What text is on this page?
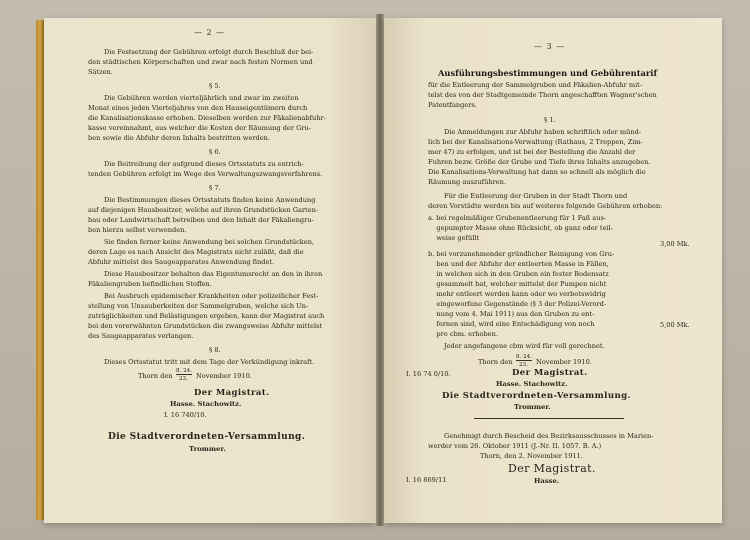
— 2 —
Die Festsetzung der Gebühren erfolgt durch Beschluß der bei-
den städtischen Körperschaften und zwar nach festen Normen und
Sätzen.
§ 5.
Die Gebühren werden vierteljährlich und zwar im zweiten
Monat eines jeden Vierteljahres von den Hauseigentümern durch
die Kanalisationskasse erhoben. Dieselben werden zur Fäkalienabfuhr-
kasse vereinnahmt, aus welcher die Kosten der Räumung der Gru-
ben sowie die Abfuhr deren Inhalts bestritten werden.
§ 6.
Die Beitreibung der aufgrund dieses Ortsstatuts zu entrich-
tenden Gebühren erfolgt im Wege des Verwaltungszwangsverfahrens.
§ 7.
Die Bestimmungen dieses Ortsstatuts finden keine Anwendung
auf diejenigen Hausbesitzer, welche auf ihren Grundstücken Garten-
bau oder Landwirtschaft betreiben und den Inhalt der Fäkaliengru-
ben hierzu selbst verwenden.
Sie finden ferner keine Anwendung bei solchen Grundstücken,
deren Lage es nach Ansicht des Magistrats nicht zuläßt, daß die
Abfuhr mittelst des Saugeapparates Anwendung findet.
Diese Hausbesitzer behalten das Eigentumsrecht an den in ihren
Fäkaliengruben befindlichen Stoffen.
Bei Ausbruch epidemischer Krankheiten oder polizeilicher Fest-
stellung von Unsauberkeiten der Sammelgruben, welche sich Un-
zuträglichkeiten und Belästigungen ergeben, kann der Magistrat auch
bei den vorerwähnten Grundstücken die zwangsweise Abfuhr mittelst
des Saugeapparates verlangen.
§ 8.
Dieses Ortsstatut tritt mit dem Tage der Verkündigung inkraft.
Thorn den
8. 24.
23. November 1910.
Der Magistrat.
Hasse. Stachowitz.
I. 16 740/10.
Die Stadtverordneten-Versammlung.
Trommer.
— 3 —
Ausführungsbestimmungen und Gebührentarif
für die Entleerung der Sammelgruben und Fäkalien-Abfuhr mit-
telst des von der Stadtgemeinde Thorn angeschafften Wagner'schen
Patentfangers.
§ 1.
Die Anmeldungen zur Abfuhr haben schriftlich oder münd-
lich bei der Kanalisations-Verwaltung (Rathaus, 2 Treppen, Zim-
mer 47) zu erfolgen, und ist bei der Bestellung die Anzahl der
Fuhren bezw. Größe der Grube und Tiefe ihres Inhalts anzugeben.
Die Kanalisations-Verwaltung hat dann so schnell als möglich die
Räumung auszuführen.
Für die Entleerung der Gruben in der Stadt Thorn und
deren Vorstädte werden bis auf weiteres folgende Gebühren erhoben:
a. bei regelmäßiger Grubenentleerung für 1 Faß aus-
gepumpter Masse ohne Rücksicht, ob ganz oder teil-
weise gefüllt
3,00 Mk.
b. bei vorzunehmender gründlicher Reinigung von Gru-
ben und der Abfuhr der entleerten Masse in Fällen,
in welchen sich in den Gruben ein fester Bodensatz
gesammelt hat, welcher mittelst der Pumpen nicht
mehr entleert werden kann oder wo verbotswidrig
eingeworfene Gegenstände (§ 3 der Polizei-Verord-
nung vom 4. Mai 1911) aus den Gruben zu ent-
fernen sind, wird eine Entschädigung von noch
pro cbm. erhoben.
5,00 Mk.
Jeder angefangene cbm wird für voll gerechnet.
Thorn den
8. 24.
23. November 1910.
I. 16 74 0/10.	Der Magistrat.
Hasse. Stachowitz.
Die Stadtverordneten-Versammlung.
Trommer.
Genehmigt durch Bescheid des Bezirksausschusses in Marien-
werder vom 26. Oktober 1911 (J.-Nr. II. 1057. B. A.)
Thorn, den 2. November 1911.
I. 16 869/11
Der Magistrat.
Hasse.
